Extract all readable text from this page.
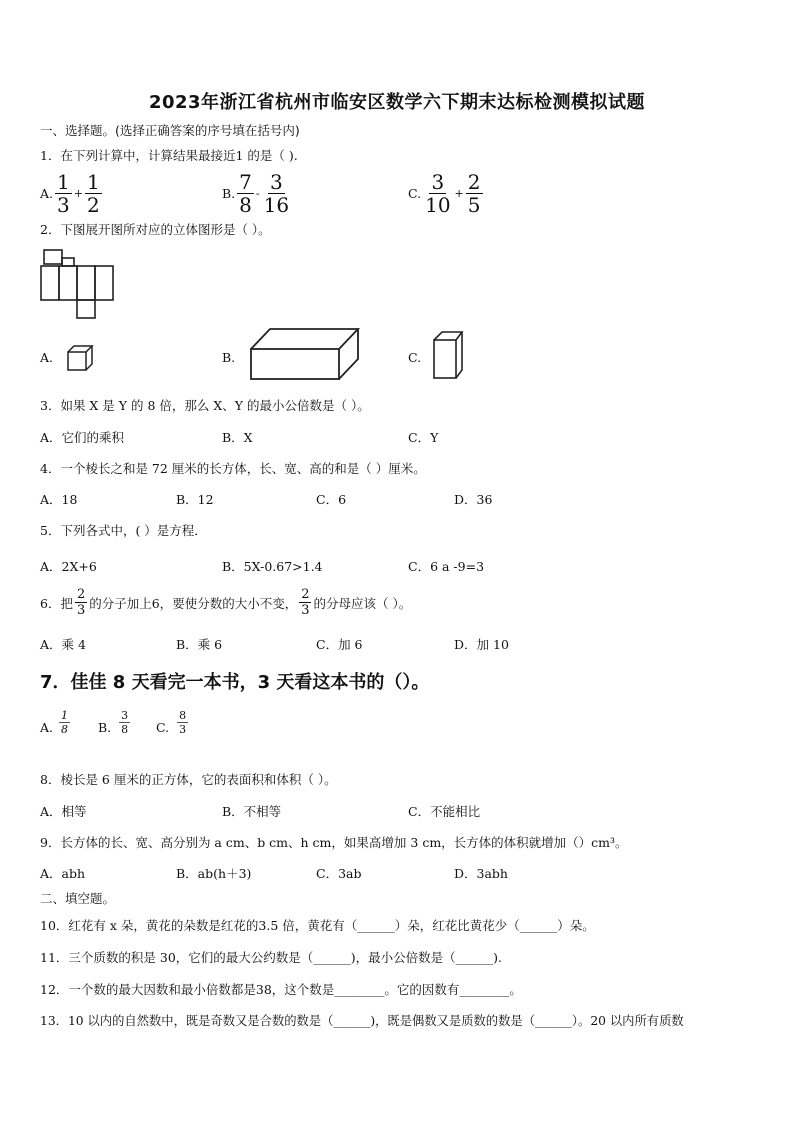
2023年浙江省杭州市临安区数学六下期末达标检测模拟试题
一、选择题。(选择正确答案的序号填在括号内)
1．在下列计算中，计算结果最接近1 的是（ ).
A. $\frac{1}{3} + \frac{1}{2}$	B. $\frac{7}{8} - \frac{3}{16}$	C. $\frac{3}{10} + \frac{2}{5}$
2．下图展开图所对应的立体图形是（ ）。
A.	B.	C.
3．如果 X 是 Y 的 8 倍，那么 X、Y 的最小公倍数是（ ）。
A．它们的乘积	B．X	C．Y
4．一个棱长之和是 72 厘米的长方体，长、宽、高的和是（ ）厘米。
A．18	B．12	C．6	D．36
5．下列各式中，( ）是方程．
A．2X+6	B．5X-0.67>1.4	C．6 a -9=3
6．把 $\frac{2}{3}$ 的分子加上6，要使分数的大小不变， $\frac{2}{3}$ 的分母应该（ ）。
A．乘 4	B．乘 6	C．加 6	D．加 10
7．佳佳 8 天看完一本书，3 天看这本书的（）。
A. $\frac{1}{8} B$. $\frac{3}{8} C$. $\frac{8}{3}$
8．棱长是 6 厘米的正方体，它的表面积和体积（ ）。
A．相等	B．不相等	C．不能相比
9．长方体的长、宽、高分别为 a cm、b cm、h cm，如果高增加 3 cm，长方体的体积就增加（）cm³。
A．abh	B．ab(h＋3)	C．3ab	D．3abh
二、填空题。
10．红花有 x 朵，黄花的朵数是红花的3.5 倍，黄花有（______）朵，红花比黄花少（______）朵。
11．三个质数的积是 30，它们的最大公约数是（______)，最小公倍数是（______).
12．一个数的最大因数和最小倍数都是38，这个数是________。它的因数有________。
13．10 以内的自然数中，既是奇数又是合数的数是（______)，既是偶数又是质数的数是（______）。20 以内所有质数
